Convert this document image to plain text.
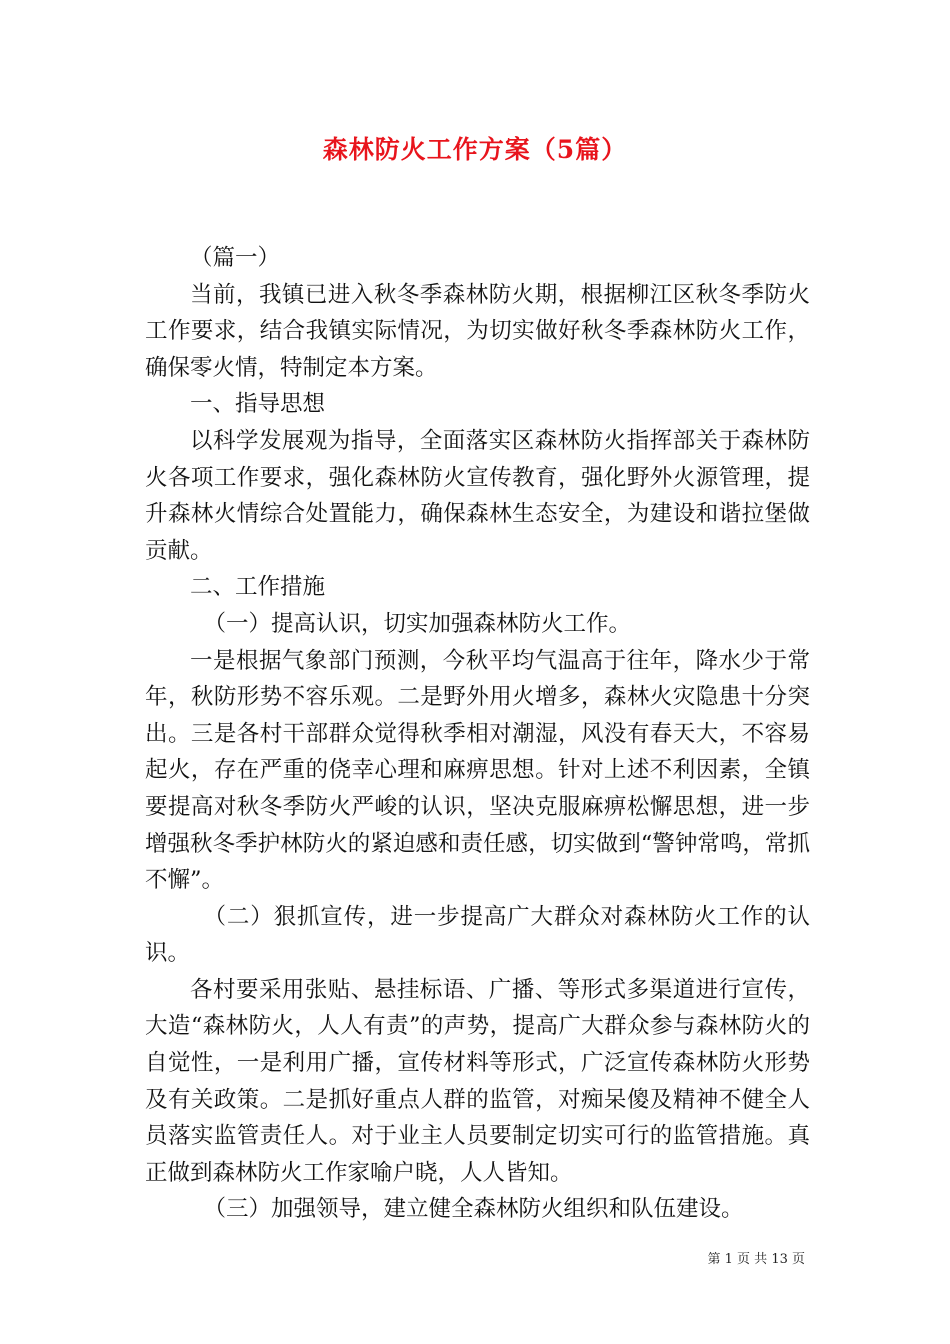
森林防火工作方案（5篇）

（篇一）

当前，我镇已进入秋冬季森林防火期，根据柳江区秋冬季防火工作要求，结合我镇实际情况，为切实做好秋冬季森林防火工作，确保零火情，特制定本方案。

一、指导思想

以科学发展观为指导，全面落实区森林防火指挥部关于森林防火各项工作要求，强化森林防火宣传教育，强化野外火源管理，提升森林火情综合处置能力，确保森林生态安全，为建设和谐拉堡做贡献。

二、工作措施

（一）提高认识，切实加强森林防火工作。

一是根据气象部门预测，今秋平均气温高于往年，降水少于常年，秋防形势不容乐观。二是野外用火增多，森林火灾隐患十分突出。三是各村干部群众觉得秋季相对潮湿，风没有春天大，不容易起火，存在严重的侥幸心理和麻痹思想。针对上述不利因素，全镇要提高对秋冬季防火严峻的认识，坚决克服麻痹松懈思想，进一步增强秋冬季护林防火的紧迫感和责任感，切实做到“警钟常鸣，常抓不懈”。

（二）狠抓宣传，进一步提高广大群众对森林防火工作的认识。

各村要采用张贴、悬挂标语、广播、等形式多渠道进行宣传，大造“森林防火，人人有责”的声势，提高广大群众参与森林防火的自觉性，一是利用广播，宣传材料等形式，广泛宣传森林防火形势及有关政策。二是抓好重点人群的监管，对痴呆傻及精神不健全人员落实监管责任人。对于业主人员要制定切实可行的监管措施。真正做到森林防火工作家喻户晓，人人皆知。

（三）加强领导，建立健全森林防火组织和队伍建设。

第 1 页 共 13 页
